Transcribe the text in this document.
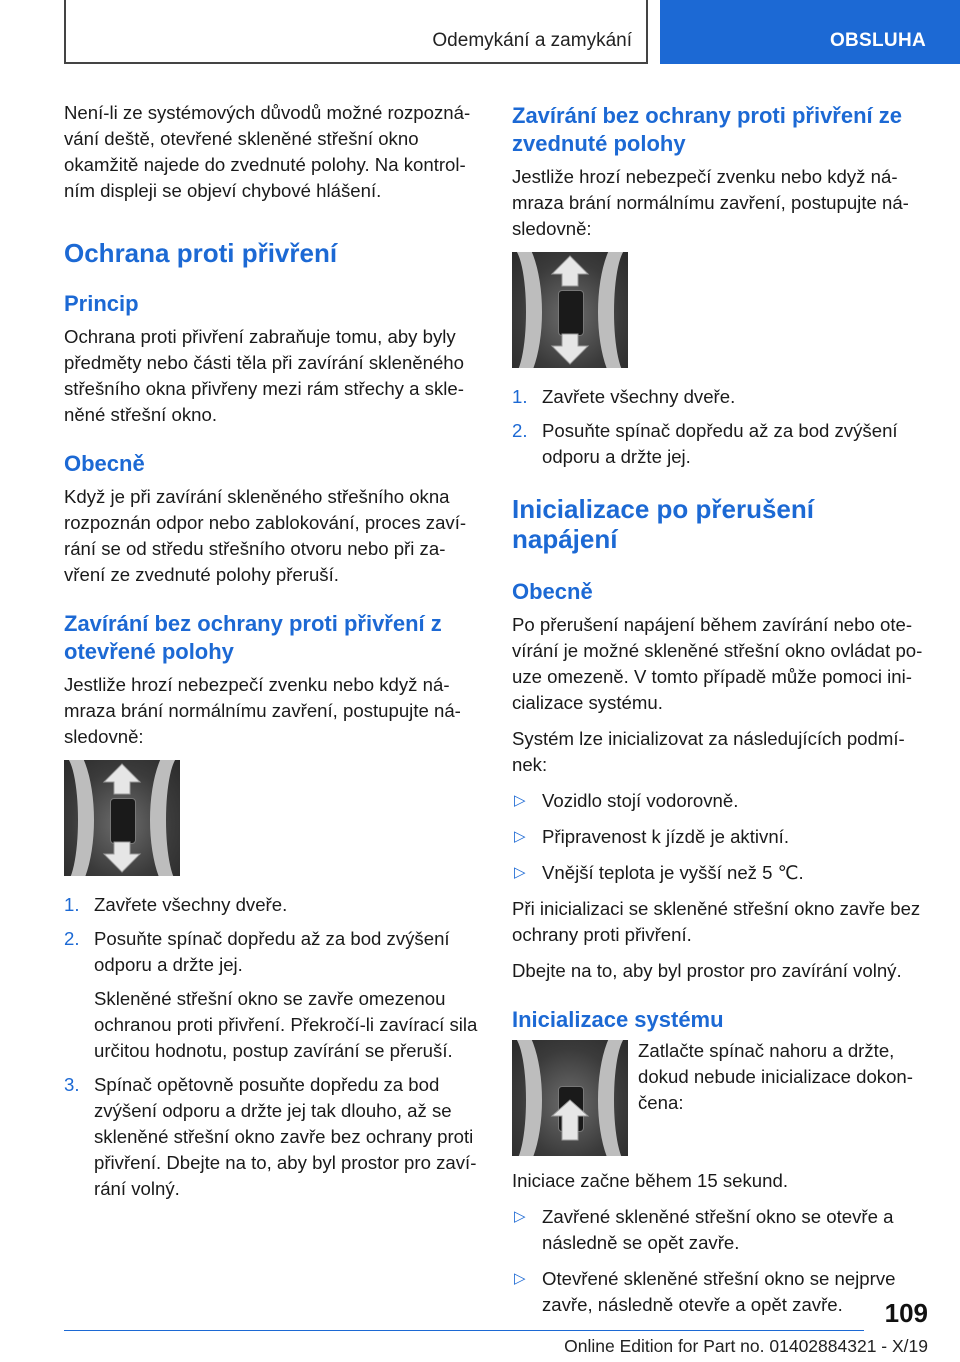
Odemykání a zamykání	OBSLUHA

Není-li ze systémových důvodů možné rozpoznávání deště, otevřené skleněné střešní okno okamžitě najede do zvednuté polohy. Na kontrolním displeji se objeví chybové hlášení.

Ochrana proti přivření
Princip

Ochrana proti přivření zabraňuje tomu, aby byly předměty nebo části těla při zavírání skleněného střešního okna přivřeny mezi rám střechy a skleněné střešní okno.

Obecně

Když je při zavírání skleněného střešního okna rozpoznán odpor nebo zablokování, proces zavírání se od středu střešního otvoru nebo při zavření ze zvednuté polohy přeruší.

Zavírání bez ochrany proti přivření z otevřené polohy

Jestliže hrozí nebezpečí zvenku nebo když námraza brání normálnímu zavření, postupujte následovně:

1. Zavřete všechny dveře.
2. Posuňte spínač dopředu až za bod zvýšení odporu a držte jej.
Skleněné střešní okno se zavře omezenou ochranou proti přivření. Překročí-li zavírací sila určitou hodnotu, postup zavírání se přeruší.
3. Spínač opětovně posuňte dopředu za bod zvýšení odporu a držte jej tak dlouho, až se skleněné střešní okno zavře bez ochrany proti přivření. Dbejte na to, aby byl prostor pro zavírání volný.
Zavírání bez ochrany proti přivření ze zvednuté polohy

Jestliže hrozí nebezpečí zvenku nebo když námraza brání normálnímu zavření, postupujte následovně:

1. Zavřete všechny dveře.
2. Posuňte spínač dopředu až za bod zvýšení odporu a držte jej.
Inicializace po přerušení napájení
Obecně

Po přerušení napájení během zavírání nebo otevírání je možné skleněné střešní okno ovládat pouze omezeně. V tomto případě může pomoci inicializace systému.

Systém lze inicializovat za následujících podmínek:

▷ Vozidlo stojí vodorovně.
▷ Připravenost k jízdě je aktivní.
▷ Vnější teplota je vyšší než 5 ℃.

Při inicializaci se skleněné střešní okno zavře bez ochrany proti přivření.

Dbejte na to, aby byl prostor pro zavírání volný.

Inicializace systému

Zatlačte spínač nahoru a držte, dokud nebude inicializace dokončena:

Iniciace začne během 15 sekund.

▷ Zavřené skleněné střešní okno se otevře a následně se opět zavře.
▷ Otevřené skleněné střešní okno se nejprve zavře, následně otevře a opět zavře.	109
Online Edition for Part no. 01402884321 - X/19
